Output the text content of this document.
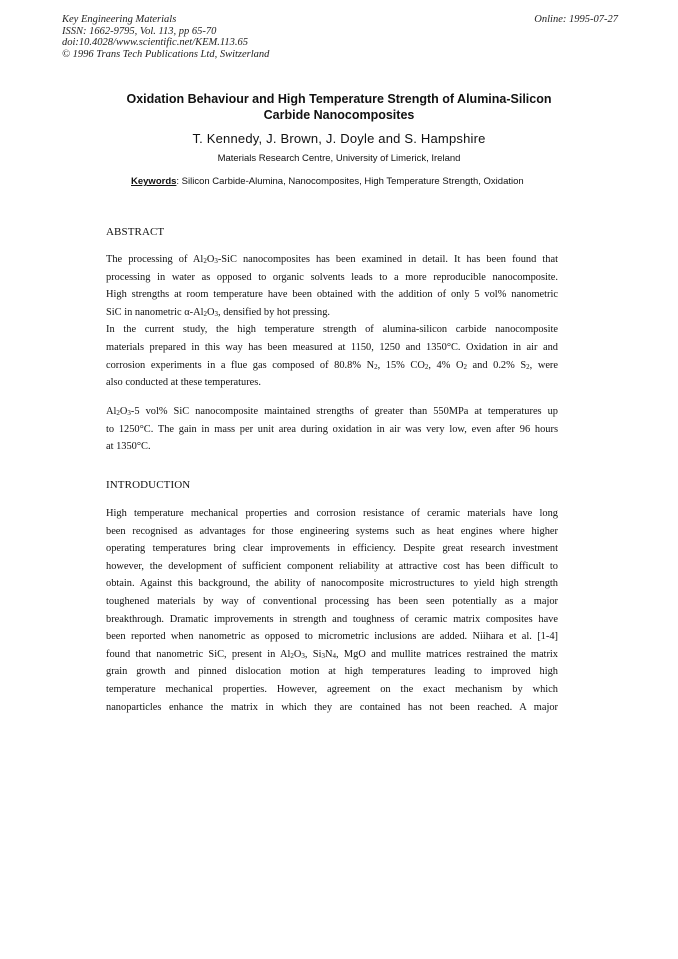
Key Engineering Materials
ISSN: 1662-9795, Vol. 113, pp 65-70
doi:10.4028/www.scientific.net/KEM.113.65
© 1996 Trans Tech Publications Ltd, Switzerland
Online: 1995-07-27
Oxidation Behaviour and High Temperature Strength of Alumina-Silicon
Carbide Nanocomposites
T. Kennedy, J. Brown, J. Doyle and S. Hampshire
Materials Research Centre, University of Limerick, Ireland
Keywords: Silicon Carbide-Alumina, Nanocomposites, High Temperature Strength, Oxidation
ABSTRACT
The processing of $Al_2O_3$-SiC nanocomposites has been examined in detail. It has been found that
processing in water as opposed to organic solvents leads to a more reproducible nanocomposite.
High strengths at room temperature have been obtained with the addition of only 5 vol% nanometric
SiC in nanometric $\alpha-Al_2O_3$, densified by hot pressing.
In the current study, the high temperature strength of alumina-silicon carbide nanocomposite
materials prepared in this way has been measured at 1150, 1250 and 1350°C. Oxidation in air and
corrosion experiments in a flue gas composed of 80.8% $N_2$, 15% $CO_2$, 4% $O_2$ and 0.2% $S_2$, were
also conducted at these temperatures.
$Al_2O_3-5$ vol% SiC nanocomposite maintained strengths of greater than 550MPa at temperatures up
to 1250°C. The gain in mass per unit area during oxidation in air was very low, even after 96 hours
at 1350°C.
INTRODUCTION
High temperature mechanical properties and corrosion resistance of ceramic materials have long
been recognised as advantages for those engineering systems such as heat engines where higher
operating temperatures bring clear improvements in efficiency. Despite great research investment
however, the development of sufficient component reliability at attractive cost has been difficult to
obtain. Against this background, the ability of nanocomposite microstructures to yield high strength
toughened materials by way of conventional processing has been seen potentially as a major
breakthrough. Dramatic improvements in strength and toughness of ceramic matrix composites have
been reported when nanometric as opposed to micrometric inclusions are added. Niihara et al. [1-4]
found that nanometric SiC, present in $Al_2O_3$, $Si_3N_4$, MgO and mullite matrices restrained the matrix
grain growth and pinned dislocation motion at high temperatures leading to improved high
temperature mechanical properties. However, agreement on the exact mechanism by which
nanoparticles enhance the matrix in which they are contained has not been reached. A major
